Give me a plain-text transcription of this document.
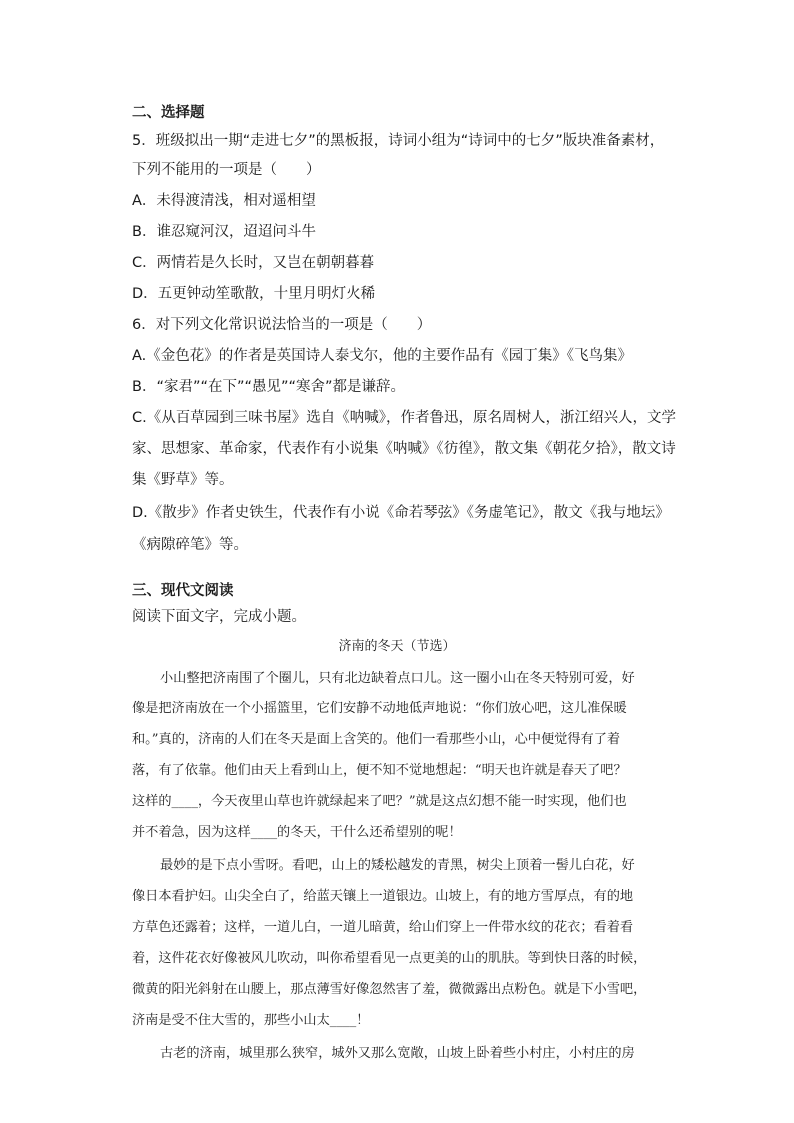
二、选择题
5．班级拟出一期“走进七夕”的黑板报，诗词小组为“诗词中的七夕”版块准备素材，
下列不能用的一项是（　　）
A．未得渡清浅，相对遥相望
B．谁忍窥河汉，迢迢问斗牛
C．两情若是久长时，又岂在朝朝暮暮
D．五更钟动笙歌散，十里月明灯火稀
6．对下列文化常识说法恰当的一项是（　　）
A.《金色花》的作者是英国诗人泰戈尔，他的主要作品有《园丁集》《飞鸟集》
B．“家君”“在下”“愚见”“寒舍”都是谦辞。
C.《从百草园到三味书屋》选自《呐喊》，作者鲁迅，原名周树人，浙江绍兴人，文学
家、思想家、革命家，代表作有小说集《呐喊》《彷徨》，散文集《朝花夕拾》，散文诗
集《野草》等。
D.《散步》作者史铁生，代表作有小说《命若琴弦》《务虚笔记》，散文《我与地坛》
《病隙碎笔》等。
三、现代文阅读
阅读下面文字，完成小题。
济南的冬天（节选）
小山整把济南围了个圈儿，只有北边缺着点口儿。这一圈小山在冬天特别可爱，好
像是把济南放在一个小摇篮里，它们安静不动地低声地说：“你们放心吧，这儿准保暖
和。”真的，济南的人们在冬天是面上含笑的。他们一看那些小山，心中便觉得有了着
落，有了依靠。他们由天上看到山上，便不知不觉地想起：“明天也许就是春天了吧？
这样的____，今天夜里山草也许就绿起来了吧？”就是这点幻想不能一时实现，他们也
并不着急，因为这样____的冬天，干什么还希望别的呢！
最妙的是下点小雪呀。看吧，山上的矮松越发的青黑，树尖上顶着一髻儿白花，好
像日本看护妇。山尖全白了，给蓝天镶上一道银边。山坡上，有的地方雪厚点，有的地
方草色还露着；这样，一道儿白，一道儿暗黄，给山们穿上一件带水纹的花衣；看着看
着，这件花衣好像被风儿吹动，叫你希望看见一点更美的山的肌肤。等到快日落的时候，
微黄的阳光斜射在山腰上，那点薄雪好像忽然害了羞，微微露出点粉色。就是下小雪吧，
济南是受不住大雪的，那些小山太____！
古老的济南，城里那么狭窄，城外又那么宽敞，山坡上卧着些小村庄，小村庄的房
